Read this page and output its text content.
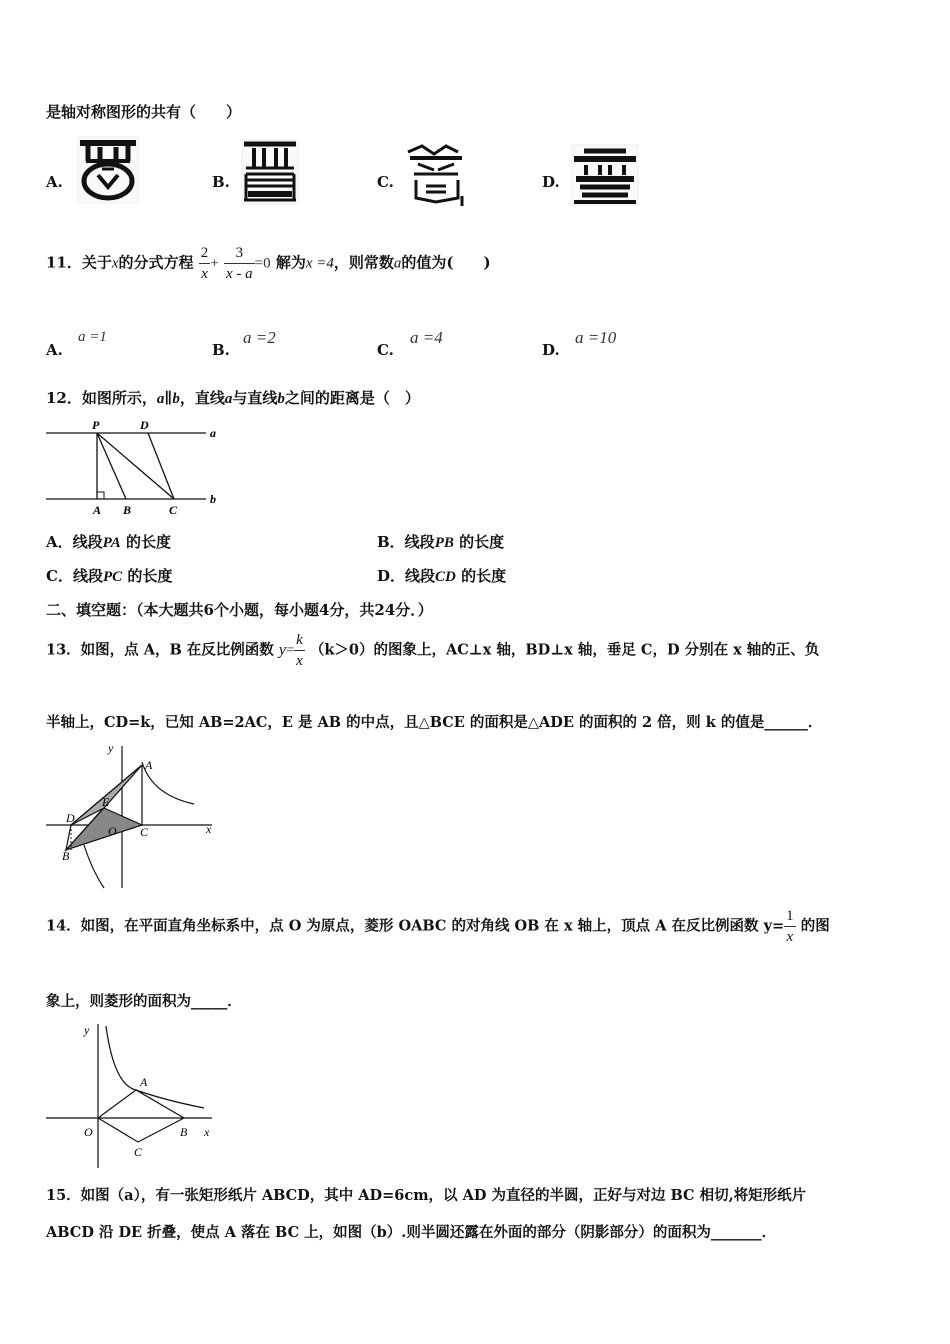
是轴对称图形的共有（　　）
A.	B.	C.	D.
11．关于x的分式方程 $\frac{2}{x} + \frac{3}{x - a} =0$ 解为x =4，则常数a的值为(　　)
A.
a =1
B.
a =2
C.
a =4
D.
a =10
12．如图所示，a∥b，直线a与直线b之间的距离是（　）
P	D
a
A B	C
b
A．线段PA 的长度	B．线段PB 的长度
C．线段PC 的长度	D．线段CD 的长度
二、填空题：（本大题共6个小题，每小题4分，共24分．）
13．如图，点 A，B 在反比例函数 $y= \frac{k}{x} (k>0)$的图象上，AC⊥x 轴，BD⊥x 轴，垂足 C，D 分别在 x 轴的正、负
半轴上，CD=k，已知 AB=2AC，E 是 AB 的中点，且△BCE 的面积是△ADE 的面积的 2 倍，则 k 的值是______．
y
A
E
D
O C	x
B
14．如图，在平面直角坐标系中，点 O 为原点，菱形 OABC 的对角线 OB 在 x 轴上，顶点 A 在反比例函数 $y= \frac{1}{x}$ 的图
象上，则菱形的面积为_____．
y
A
O	B x
C
15．如图（a），有一张矩形纸片 ABCD，其中 AD=6cm，以 AD 为直径的半圆，正好与对边 BC 相切,将矩形纸片
ABCD 沿 DE 折叠，使点 A 落在 BC 上，如图（b）.则半圆还露在外面的部分（阴影部分）的面积为_______．
